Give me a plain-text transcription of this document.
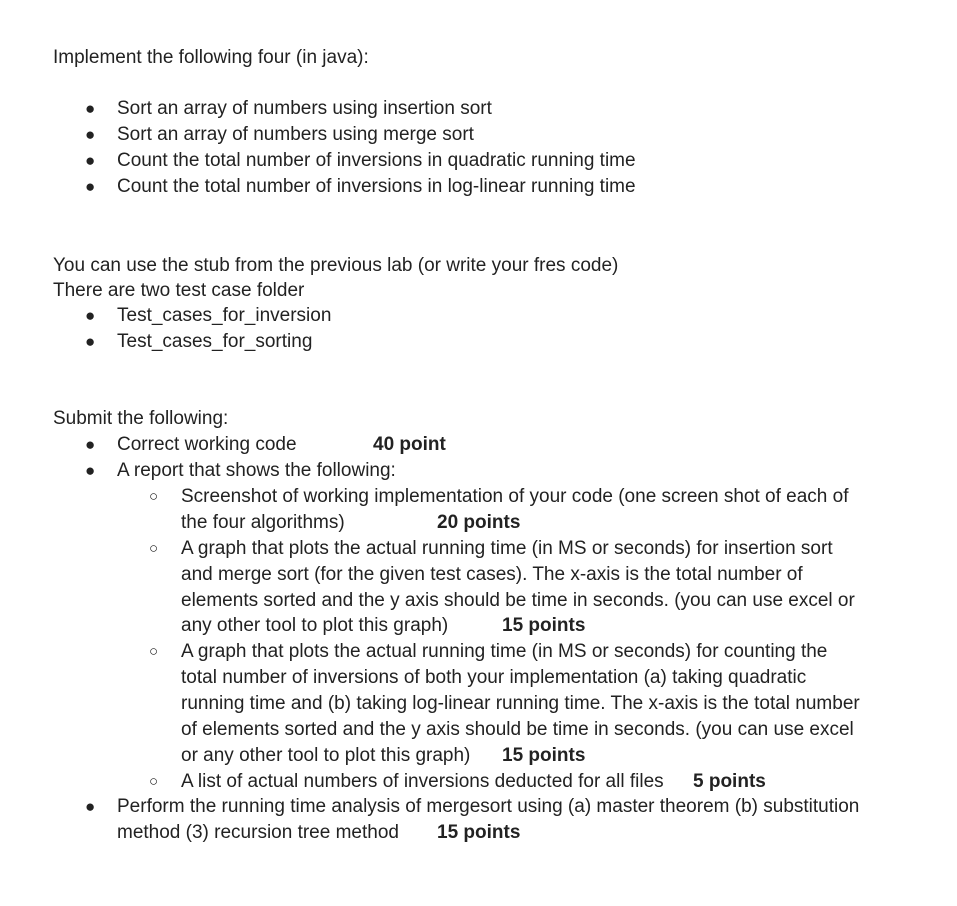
Implement the following four (in java):
● Sort an array of numbers using insertion sort
● Sort an array of numbers using merge sort
● Count the total number of inversions in quadratic running time
● Count the total number of inversions in log-linear running time
You can use the stub from the previous lab (or write your fres code)
There are two test case folder
● Test_cases_for_inversion
● Test_cases_for_sorting
Submit the following:
● Correct working code	40 point
● A report that shows the following:
○ Screenshot of working implementation of your code (one screen shot of each of
the four algorithms)	20 points
○ A graph that plots the actual running time (in MS or seconds) for insertion sort
and merge sort (for the given test cases). The x-axis is the total number of
elements sorted and the y axis should be time in seconds. (you can use excel or
any other tool to plot this graph)	15 points
○ A graph that plots the actual running time (in MS or seconds) for counting the
total number of inversions of both your implementation (a) taking quadratic
running time and (b) taking log-linear running time. The x-axis is the total number
of elements sorted and the y axis should be time in seconds. (you can use excel
or any other tool to plot this graph) 15 points
○ A list of actual numbers of inversions deducted for all files 5 points
● Perform the running time analysis of mergesort using (a) master theorem (b) substitution
method (3) recursion tree method 15 points
